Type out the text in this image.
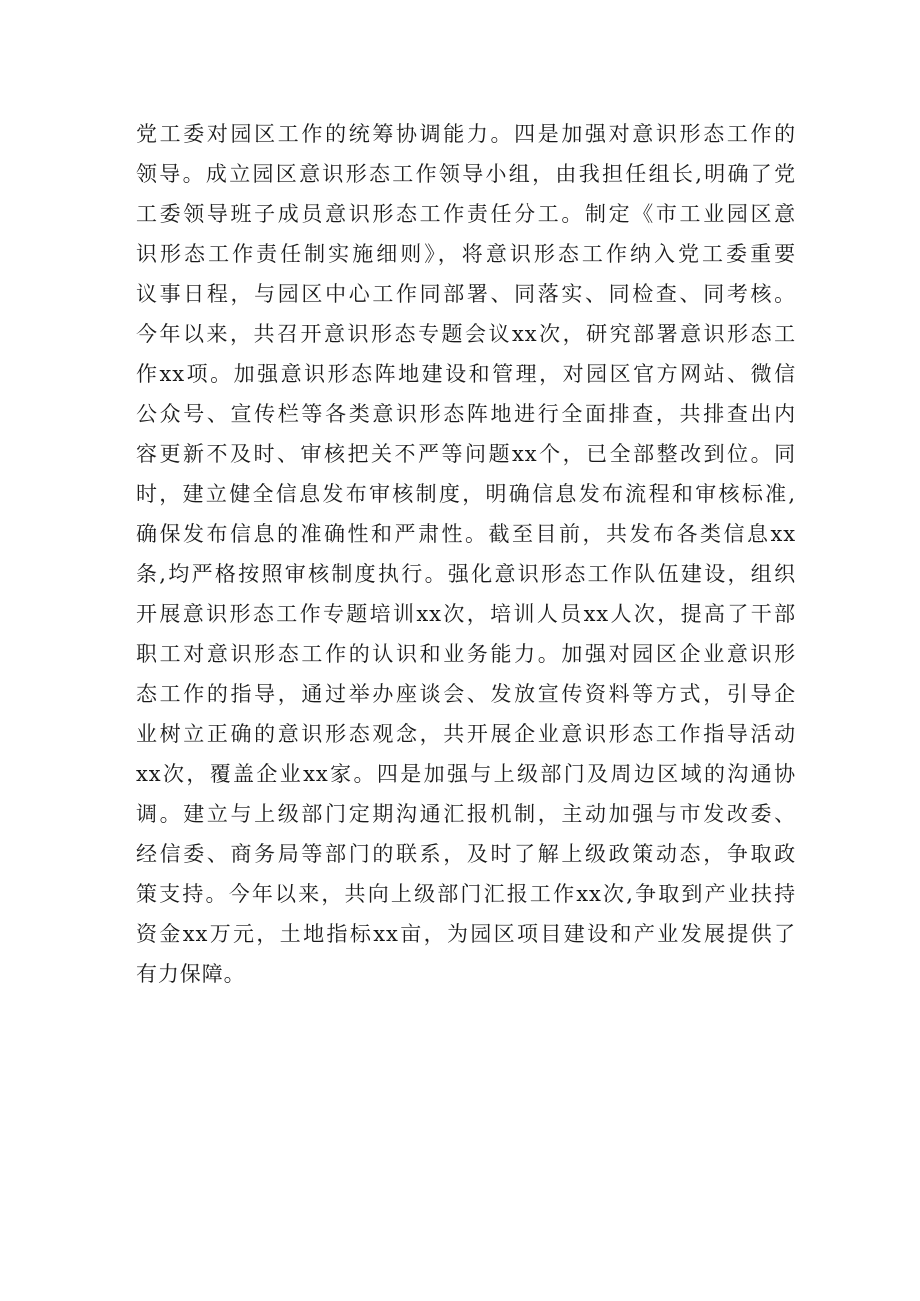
党工委对园区工作的统筹协调能力。四是加强对意识形态工作的
领导。成立园区意识形态工作领导小组，由我担任组长,明确了党
工委领导班子成员意识形态工作责任分工。制定《市工业园区意
识形态工作责任制实施细则》，将意识形态工作纳入党工委重要
议事日程，与园区中心工作同部署、同落实、同检查、同考核。
今年以来，共召开意识形态专题会议xx次，研究部署意识形态工
作xx项。加强意识形态阵地建设和管理，对园区官方网站、微信
公众号、宣传栏等各类意识形态阵地进行全面排查，共排查出内
容更新不及时、审核把关不严等问题xx个，已全部整改到位。同
时，建立健全信息发布审核制度，明确信息发布流程和审核标准,
确保发布信息的准确性和严肃性。截至目前，共发布各类信息xx
条,均严格按照审核制度执行。强化意识形态工作队伍建设，组织
开展意识形态工作专题培训xx次，培训人员xx人次，提高了干部
职工对意识形态工作的认识和业务能力。加强对园区企业意识形
态工作的指导，通过举办座谈会、发放宣传资料等方式，引导企
业树立正确的意识形态观念，共开展企业意识形态工作指导活动
xx次，覆盖企业xx家。四是加强与上级部门及周边区域的沟通协
调。建立与上级部门定期沟通汇报机制，主动加强与市发改委、
经信委、商务局等部门的联系，及时了解上级政策动态，争取政
策支持。今年以来，共向上级部门汇报工作xx次,争取到产业扶持
资金xx万元，土地指标xx亩，为园区项目建设和产业发展提供了
有力保障。
